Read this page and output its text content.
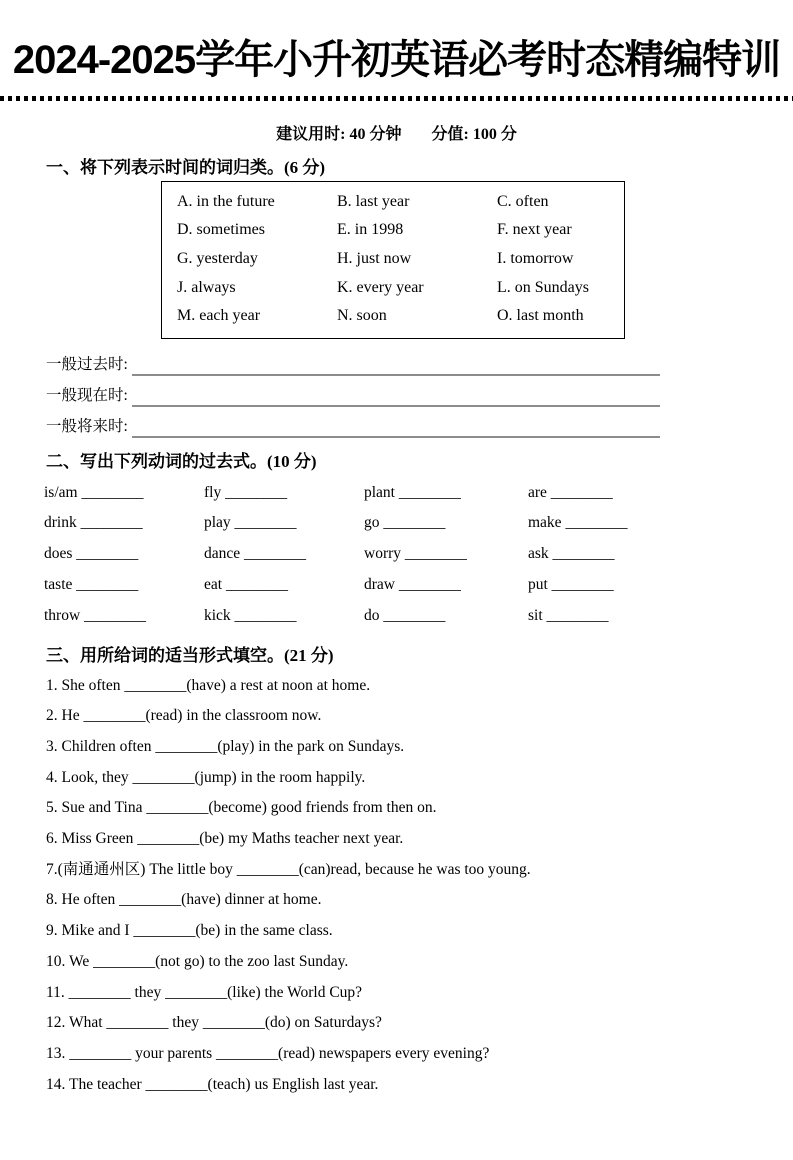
2024-2025学年小升初英语必考时态精编特训
建议用时: 40 分钟 分值: 100 分
一、将下列表示时间的词归类。(6 分)
A. in the future	B. last year	C. often
D. sometimes	E. in 1998	F. next year
G. yesterday	H. just now	I. tomorrow
J. always	K. every year	L. on Sundays
M. each year	N. soon	O. last month
一般过去时:
一般现在时:
一般将来时:
二、写出下列动词的过去式。(10 分)
is/am ________	fly ________	plant ________	are ________
drink ________	play ________	go ________	make ________
does ________	dance ________	worry ________	ask ________
taste ________	eat ________	draw ________	put ________
throw ________	kick ________	do ________	sit ________
三、用所给词的适当形式填空。(21 分)
1. She often ________(have) a rest at noon at home.
2. He ________(read) in the classroom now.
3. Children often ________(play) in the park on Sundays.
4. Look, they ________(jump) in the room happily.
5. Sue and Tina ________(become) good friends from then on.
6. Miss Green ________(be) my Maths teacher next year.
7.(南通通州区) The little boy ________(can)read, because he was too young.
8. He often ________(have) dinner at home.
9. Mike and I ________(be) in the same class.
10. We ________(not go) to the zoo last Sunday.
11. ________ they ________(like) the World Cup?
12. What ________ they ________(do) on Saturdays?
13. ________ your parents ________(read) newspapers every evening?
14. The teacher ________(teach) us English last year.
